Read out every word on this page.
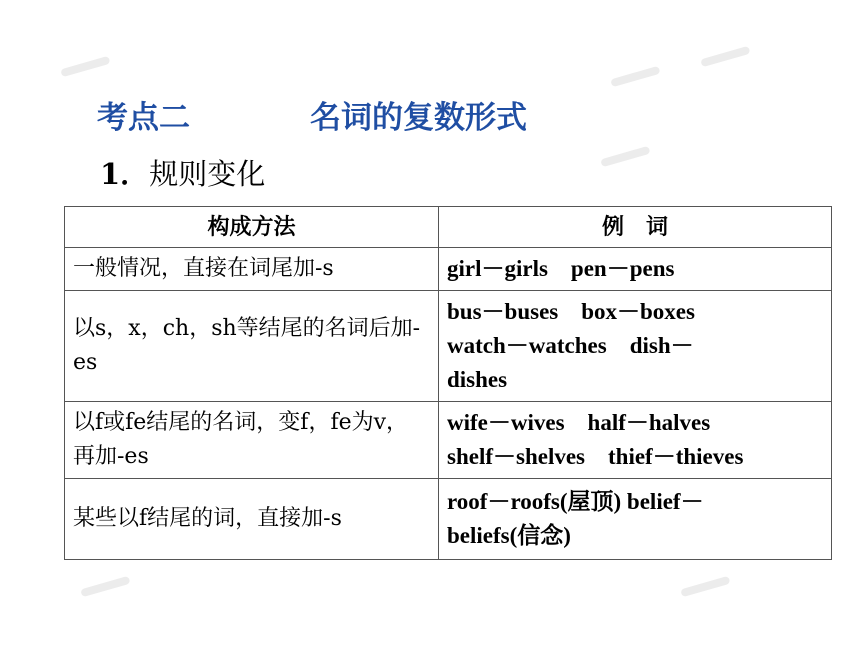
考点二	名词的复数形式
1．规则变化
构成方法	例　词
一般情况，直接在词尾加-s	girl－girls　pen－pens

以s，x，ch，sh等结尾的名词后加-es	bus－buses　box－boxes
watch－watches　dish－
dishes

以f或fe结尾的名词，变f，fe为v，再加-es	wife－wives　half－halves
shelf－shelves　thief－thieves

某些以f结尾的词，直接加-s	roof－roofs(屋顶) belief－
beliefs(信念)
